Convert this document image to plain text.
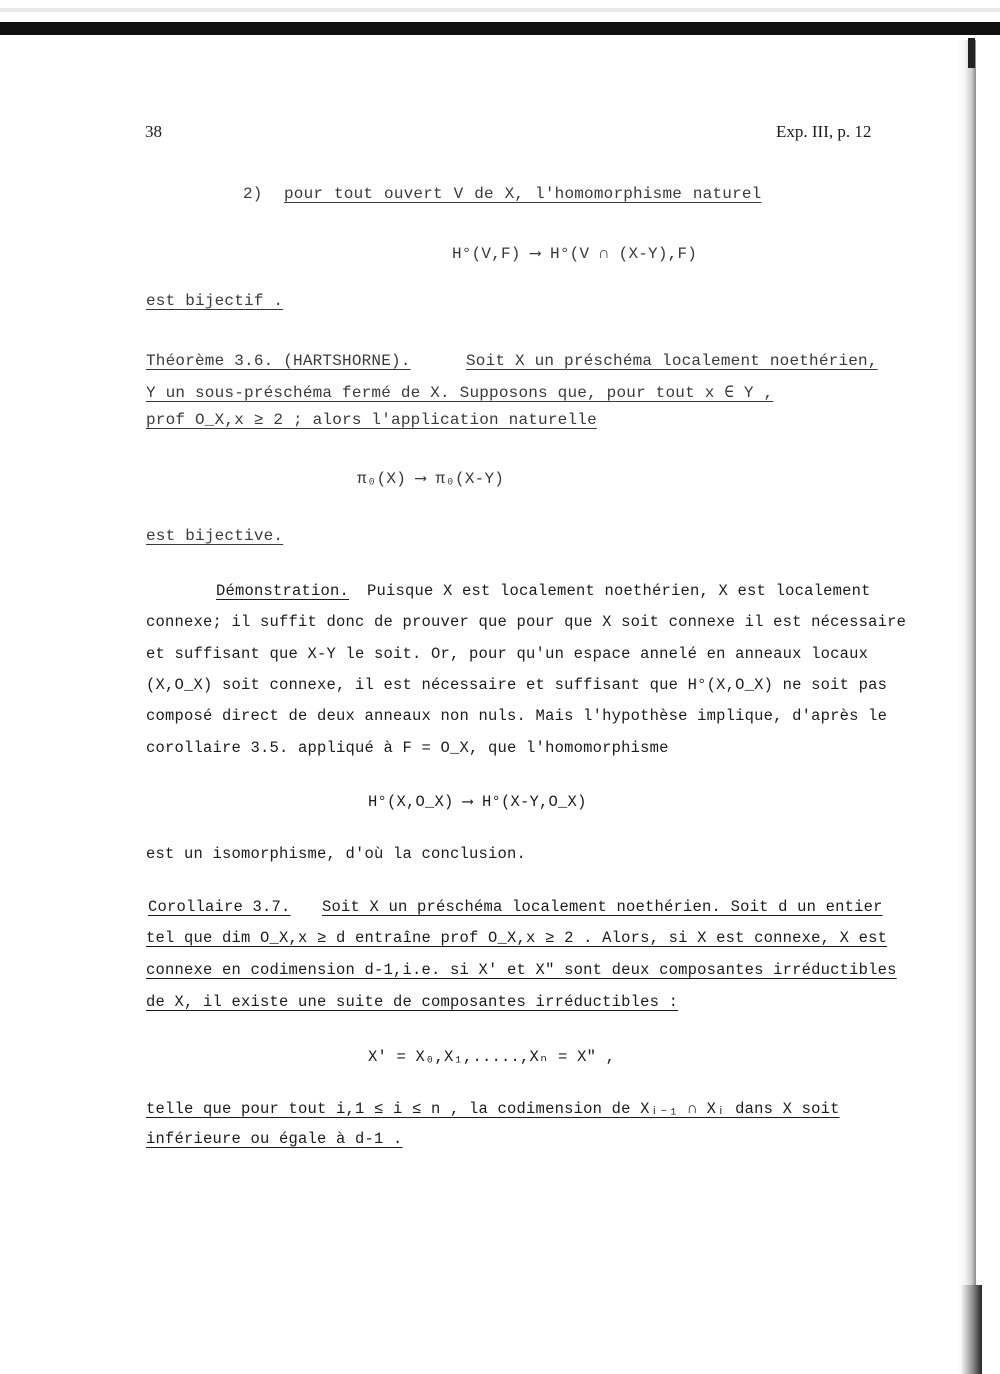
38	Exp. III, p. 12
2) pour tout ouvert V de X, l'homomorphisme naturel
H°(V,F) ⟶ H°(V ∩ (X-Y),F)
est bijectif .
Théorème 3.6. (HARTSHORNE).	Soit X un préschéma localement noethérien,
Y un sous-préschéma fermé de X. Supposons que, pour tout x ∈ Y ,
prof O_X,x ≥ 2 ; alors l'application naturelle
π₀(X) ⟶ π₀(X-Y)
est bijective.
Démonstration. Puisque X est localement noethérien, X est localement
connexe; il suffit donc de prouver que pour que X soit connexe il est nécessaire
et suffisant que X-Y le soit. Or, pour qu'un espace annelé en anneaux locaux
(X,O_X) soit connexe, il est nécessaire et suffisant que H°(X,O_X) ne soit pas
composé direct de deux anneaux non nuls. Mais l'hypothèse implique, d'après le
corollaire 3.5. appliqué à F = O_X, que l'homomorphisme
H°(X,O_X) ⟶ H°(X-Y,O_X)
est un isomorphisme, d'où la conclusion.
Corollaire 3.7. Soit X un préschéma localement noethérien. Soit d un entier
tel que dim O_X,x ≥ d entraîne prof O_X,x ≥ 2 . Alors, si X est connexe, X est
connexe en codimension d-1,i.e. si X' et X" sont deux composantes irréductibles
de X, il existe une suite de composantes irréductibles :
X' = X₀,X₁,.....,Xₙ = X" ,
telle que pour tout i,1 ≤ i ≤ n , la codimension de Xᵢ₋₁ ∩ Xᵢ dans X soit
inférieure ou égale à d-1 .
